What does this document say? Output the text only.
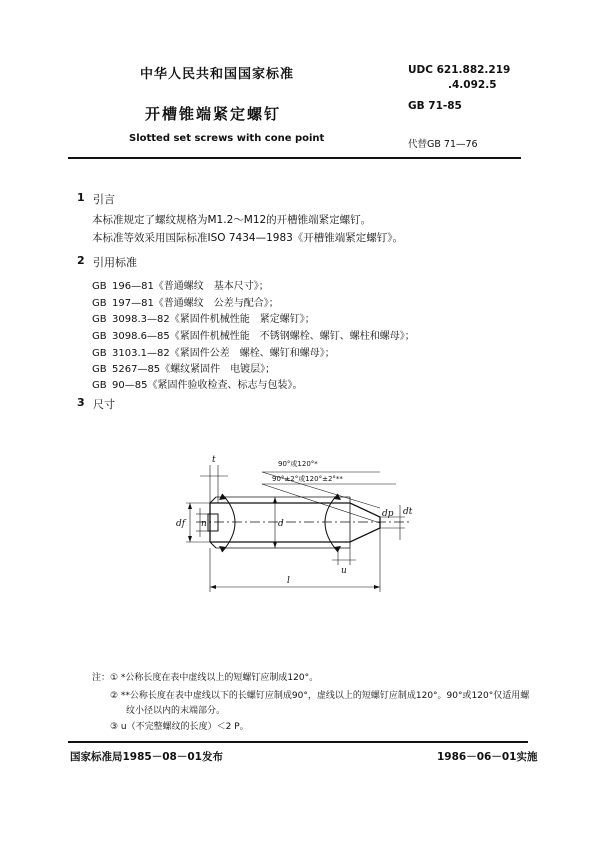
中华人民共和国国家标准
开槽锥端紧定螺钉
Slotted set screws with cone point
UDC 621.882.219
.4.092.5
GB 71-85
代替GB 71—76
1 引言
本标准规定了螺纹规格为M1.2～M12的开槽锥端紧定螺钉。
本标准等效采用国际标准ISO 7434—1983《开槽锥端紧定螺钉》。
2 引用标准
GB 196—81《普通螺纹　基本尺寸》；
GB 197—81《普通螺纹　公差与配合》；
GB 3098.3—82《紧固件机械性能　紧定螺钉》；
GB 3098.6—85《紧固件机械性能　不锈钢螺栓、螺钉、螺柱和螺母》；
GB 3103.1—82《紧固件公差　螺栓、螺钉和螺母》；
GB 5267—85《螺纹紧固件　电镀层》；
GB 90—85《紧固件验收检查、标志与包装》。
3 尺寸
t
n
df	d
dt
dp
u
l
90°或120°*
90°±2°或120°±2°**
注： ① *公称长度在表中虚线以上的短螺钉应制成120°。
② **公称长度在表中虚线以下的长螺钉应制成90°，虚线以上的短螺钉应制成120°。90°或120°仅适用螺
纹小径以内的末端部分。
③ u（不完整螺纹的长度）＜2 P。
国家标准局1985－08－01发布	1986－06－01实施
